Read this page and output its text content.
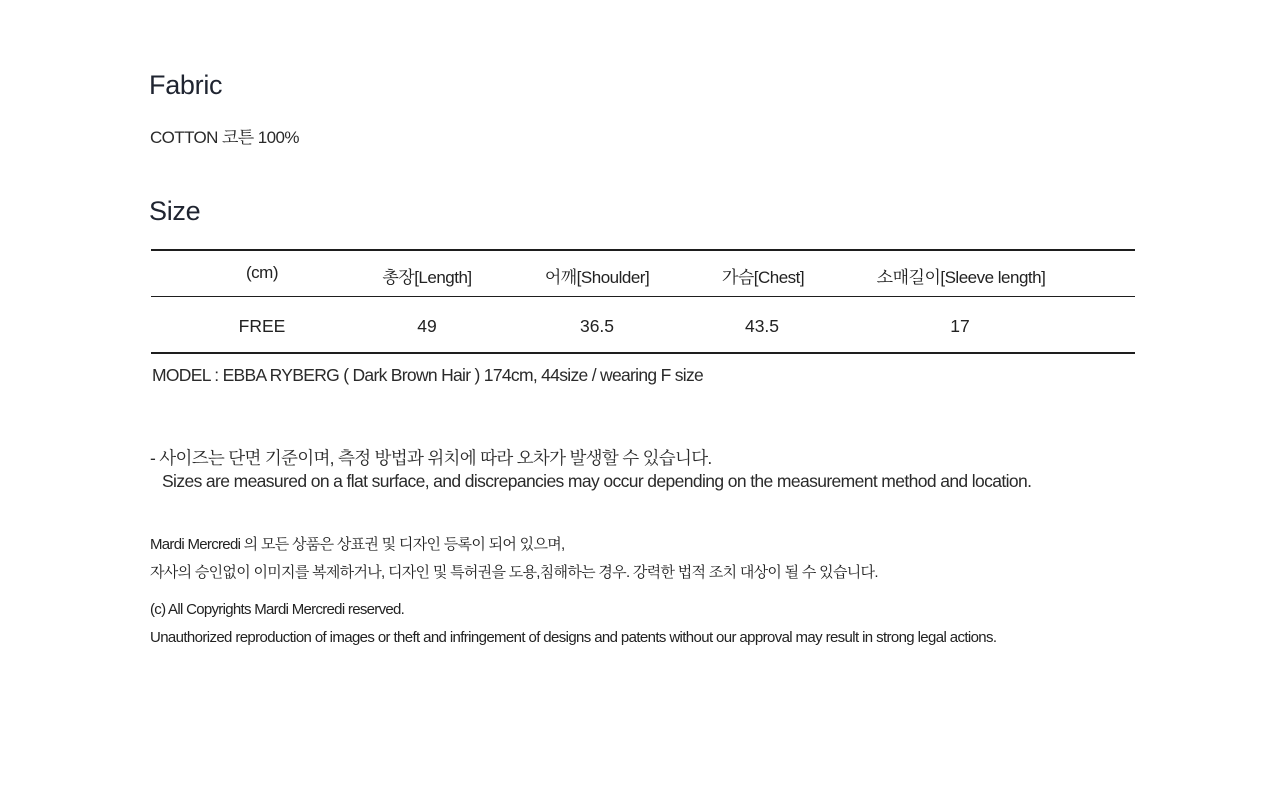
Fabric
COTTON 코튼 100%
Size
(cm)	총장[Length]	어깨[Shoulder]	가슴[Chest]	소매길이[Sleeve length]
FREE	49	36.5	43.5	17
MODEL : EBBA RYBERG ( Dark Brown Hair ) 174cm, 44size / wearing F size
- 사이즈는 단면 기준이며, 측정 방법과 위치에 따라 오차가 발생할 수 있습니다.
Sizes are measured on a flat surface, and discrepancies may occur depending on the measurement method and location.
Mardi Mercredi 의 모든 상품은 상표권 및 디자인 등록이 되어 있으며,
자사의 승인없이 이미지를 복제하거나, 디자인 및 특허권을 도용,침해하는 경우. 강력한 법적 조치 대상이 될 수 있습니다.
(c) All Copyrights Mardi Mercredi reserved.
Unauthorized reproduction of images or theft and infringement of designs and patents without our approval may result in strong legal actions.
